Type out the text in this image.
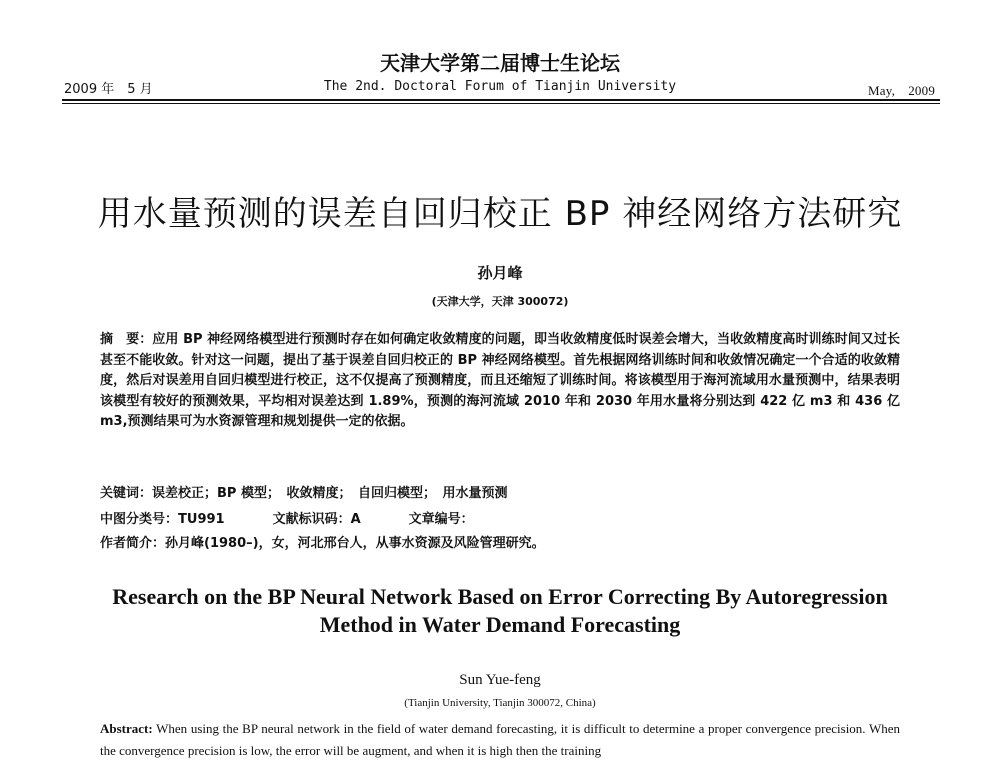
2009 年　5 月
天津大学第二届博士生论坛
The 2nd. Doctoral Forum of Tianjin University	May,　2009
用水量预测的误差自回归校正 BP 神经网络方法研究
孙月峰
(天津大学，天津 300072)
摘　要：应用 BP 神经网络模型进行预测时存在如何确定收敛精度的问题，即当收敛精度低时误差会增大，当收敛精度高时训练时间又过长甚至不能收敛。针对这一问题，提出了基于误差自回归校正的 BP 神经网络模型。首先根据网络训练时间和收敛情况确定一个合适的收敛精度，然后对误差用自回归模型进行校正，这不仅提高了预测精度，而且还缩短了训练时间。将该模型用于海河流域用水量预测中，结果表明该模型有较好的预测效果，平均相对误差达到 1.89%，预测的海河流域 2010 年和 2030 年用水量将分别达到 422 亿 m3 和 436 亿 m3,预测结果可为水资源管理和规划提供一定的依据。
关键词：误差校正；BP 模型；　收敛精度；　自回归模型；　用水量预测
中图分类号：TU991	文献标识码：A	文章编号：
作者简介：孙月峰(1980–)，女，河北邢台人，从事水资源及风险管理研究。
Research on the BP Neural Network Based on Error Correcting By Autoregression
Method in Water Demand Forecasting
Sun Yue-feng
(Tianjin University, Tianjin 300072, China)
Abstract: When using the BP neural network in the field of water demand forecasting, it is difficult to determine a proper convergence precision. When the convergence precision is low, the error will be augment, and when it is high then the training
